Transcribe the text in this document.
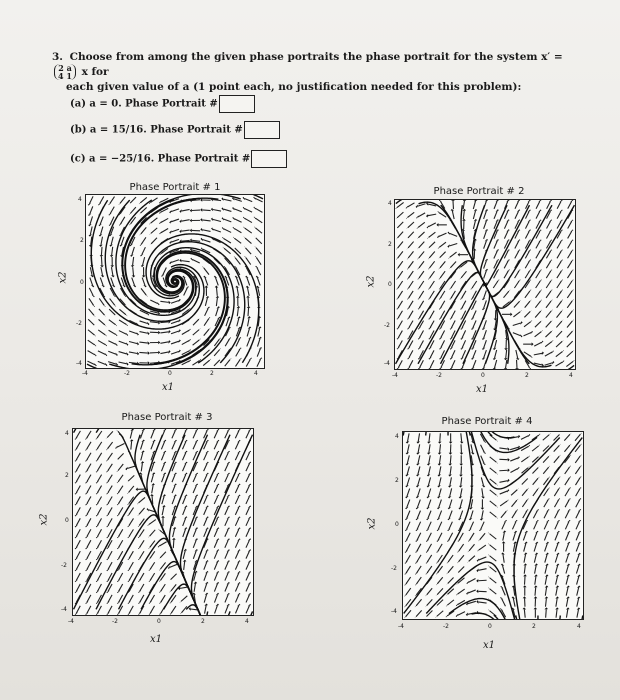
3. Choose from among the given phase portraits the phase portrait for the system x′ = 2 a
4 1 x for
each given value of a (1 point each, no justification needed for this problem):
(a) a = 0. Phase Portrait #
(b) a = 15/16. Phase Portrait #
(c) a = −25/16. Phase Portrait #
Phase Portrait # 1
4
2
0
-2
-4
-4	-2	0	2	4
x1
x2
Phase Portrait # 2
4
2
0
-2
-4
-4	-2	0	2	4
x1
x2
Phase Portrait # 3
4
2
0
-2
-4
-4	-2	0	2	4
x1
x2
Phase Portrait # 4
4
2
0
-2
-4
-4	-2	0	2	4
x1
x2
